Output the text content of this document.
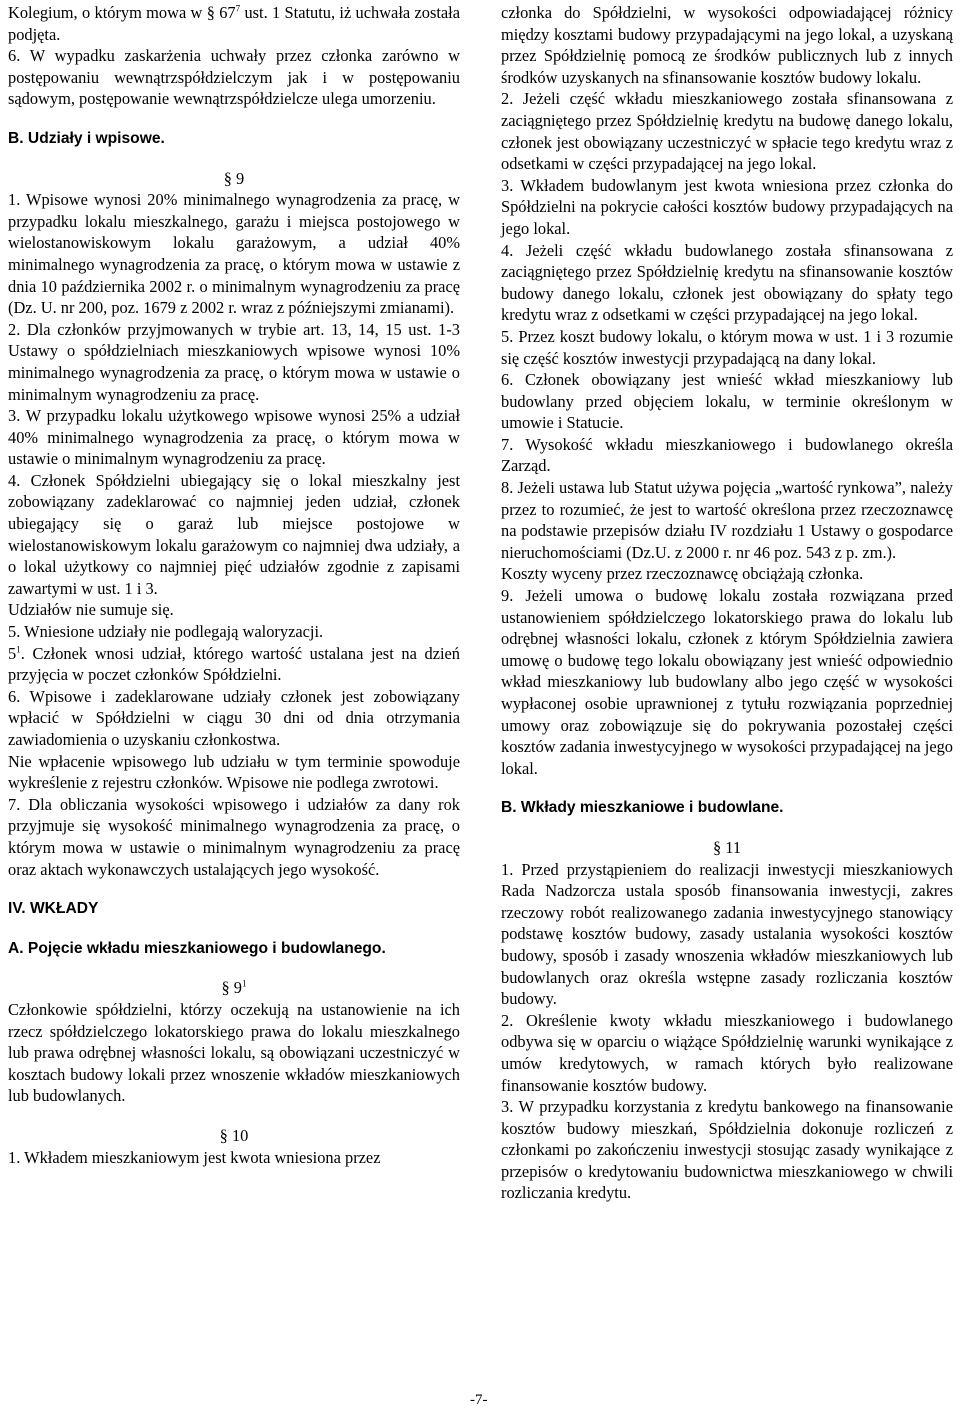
Kolegium, o którym mowa w § $67^7$ ust. 1 Statutu, iż uchwała została podjęta.

6. W wypadku zaskarżenia uchwały przez członka zarówno w postępowaniu wewnątrzspółdzielczym jak i w postępowaniu sądowym, postępowanie wewnątrzspółdzielcze ulega umorzeniu.

B. Udziały i wpisowe.

§ 9

1. Wpisowe wynosi 20% minimalnego wynagrodzenia za pracę, w przypadku lokalu mieszkalnego, garażu i miejsca postojowego w wielostanowiskowym lokalu garażowym, a udział 40% minimalnego wynagrodzenia za pracę, o którym mowa w ustawie z dnia 10 października 2002 r. o minimalnym wynagrodzeniu za pracę (Dz. U. nr 200, poz. 1679 z 2002 r. wraz z późniejszymi zmianami).

2. Dla członków przyjmowanych w trybie art. 13, 14, 15 ust. 1-3 Ustawy o spółdzielniach mieszkaniowych wpisowe wynosi 10% minimalnego wynagrodzenia za pracę, o którym mowa w ustawie o minimalnym wynagrodzeniu za pracę.

3. W przypadku lokalu użytkowego wpisowe wynosi 25% a udział 40% minimalnego wynagrodzenia za pracę, o którym mowa w ustawie o minimalnym wynagrodzeniu za pracę.

4. Członek Spółdzielni ubiegający się o lokal mieszkalny jest zobowiązany zadeklarować co najmniej jeden udział, członek ubiegający się o garaż lub miejsce postojowe w wielostanowiskowym lokalu garażowym co najmniej dwa udziały, a o lokal użytkowy co najmniej pięć udziałów zgodnie z zapisami zawartymi w ust. 1 i 3.

Udziałów nie sumuje się.

5. Wniesione udziały nie podlegają waloryzacji.

$5^1$. Członek wnosi udział, którego wartość ustalana jest na dzień przyjęcia w poczet członków Spółdzielni.

6. Wpisowe i zadeklarowane udziały członek jest zobowiązany wpłacić w Spółdzielni w ciągu 30 dni od dnia otrzymania zawiadomienia o uzyskaniu członkostwa.

Nie wpłacenie wpisowego lub udziału w tym terminie spowoduje wykreślenie z rejestru członków. Wpisowe nie podlega zwrotowi.

7. Dla obliczania wysokości wpisowego i udziałów za dany rok przyjmuje się wysokość minimalnego wynagrodzenia za pracę, o którym mowa w ustawie o minimalnym wynagrodzeniu za pracę oraz aktach wykonawczych ustalających jego wysokość.

IV. WKŁADY

A. Pojęcie wkładu mieszkaniowego i budowlanego.

§ $9^1$

Członkowie spółdzielni, którzy oczekują na ustanowienie na ich rzecz spółdzielczego lokatorskiego prawa do lokalu mieszkalnego lub prawa odrębnej własności lokalu, są obowiązani uczestniczyć w kosztach budowy lokali przez wnoszenie wkładów mieszkaniowych lub budowlanych.

§ 10

1. Wkładem mieszkaniowym jest kwota wniesiona przez

członka do Spółdzielni, w wysokości odpowiadającej różnicy między kosztami budowy przypadającymi na jego lokal, a uzyskaną przez Spółdzielnię pomocą ze środków publicznych lub z innych środków uzyskanych na sfinansowanie kosztów budowy lokalu.

2. Jeżeli część wkładu mieszkaniowego została sfinansowana z zaciągniętego przez Spółdzielnię kredytu na budowę danego lokalu, członek jest obowiązany uczestniczyć w spłacie tego kredytu wraz z odsetkami w części przypadającej na jego lokal.

3. Wkładem budowlanym jest kwota wniesiona przez członka do Spółdzielni na pokrycie całości kosztów budowy przypadających na jego lokal.

4. Jeżeli część wkładu budowlanego została sfinansowana z zaciągniętego przez Spółdzielnię kredytu na sfinansowanie kosztów budowy danego lokalu, członek jest obowiązany do spłaty tego kredytu wraz z odsetkami w części przypadającej na jego lokal.

5. Przez koszt budowy lokalu, o którym mowa w ust. 1 i 3 rozumie się część kosztów inwestycji przypadającą na dany lokal.

6. Członek obowiązany jest wnieść wkład mieszkaniowy lub budowlany przed objęciem lokalu, w terminie określonym w umowie i Statucie.

7. Wysokość wkładu mieszkaniowego i budowlanego określa Zarząd.

8. Jeżeli ustawa lub Statut używa pojęcia „wartość rynkowa”, należy przez to rozumieć, że jest to wartość określona przez rzeczoznawcę na podstawie przepisów działu IV rozdziału 1 Ustawy o gospodarce nieruchomościami (Dz.U. z 2000 r. nr 46 poz. 543 z p. zm.).

Koszty wyceny przez rzeczoznawcę obciążają członka.

9. Jeżeli umowa o budowę lokalu została rozwiązana przed ustanowieniem spółdzielczego lokatorskiego prawa do lokalu lub odrębnej własności lokalu, członek z którym Spółdzielnia zawiera umowę o budowę tego lokalu obowiązany jest wnieść odpowiednio wkład mieszkaniowy lub budowlany albo jego część w wysokości wypłaconej osobie uprawnionej z tytułu rozwiązania poprzedniej umowy oraz zobowiązuje się do pokrywania pozostałej części kosztów zadania inwestycyjnego w wysokości przypadającej na jego lokal.

B. Wkłady mieszkaniowe i budowlane.

§ 11

1. Przed przystąpieniem do realizacji inwestycji mieszkaniowych Rada Nadzorcza ustala sposób finansowania inwestycji, zakres rzeczowy robót realizowanego zadania inwestycyjnego stanowiący podstawę kosztów budowy, zasady ustalania wysokości kosztów budowy, sposób i zasady wnoszenia wkładów mieszkaniowych lub budowlanych oraz określa wstępne zasady rozliczania kosztów budowy.

2. Określenie kwoty wkładu mieszkaniowego i budowlanego odbywa się w oparciu o wiążące Spółdzielnię warunki wynikające z umów kredytowych, w ramach których było realizowane finansowanie kosztów budowy.

3. W przypadku korzystania z kredytu bankowego na finansowanie kosztów budowy mieszkań, Spółdzielnia dokonuje rozliczeń z członkami po zakończeniu inwestycji stosując zasady wynikające z przepisów o kredytowaniu budownictwa mieszkaniowego w chwili rozliczania kredytu.

-7-
